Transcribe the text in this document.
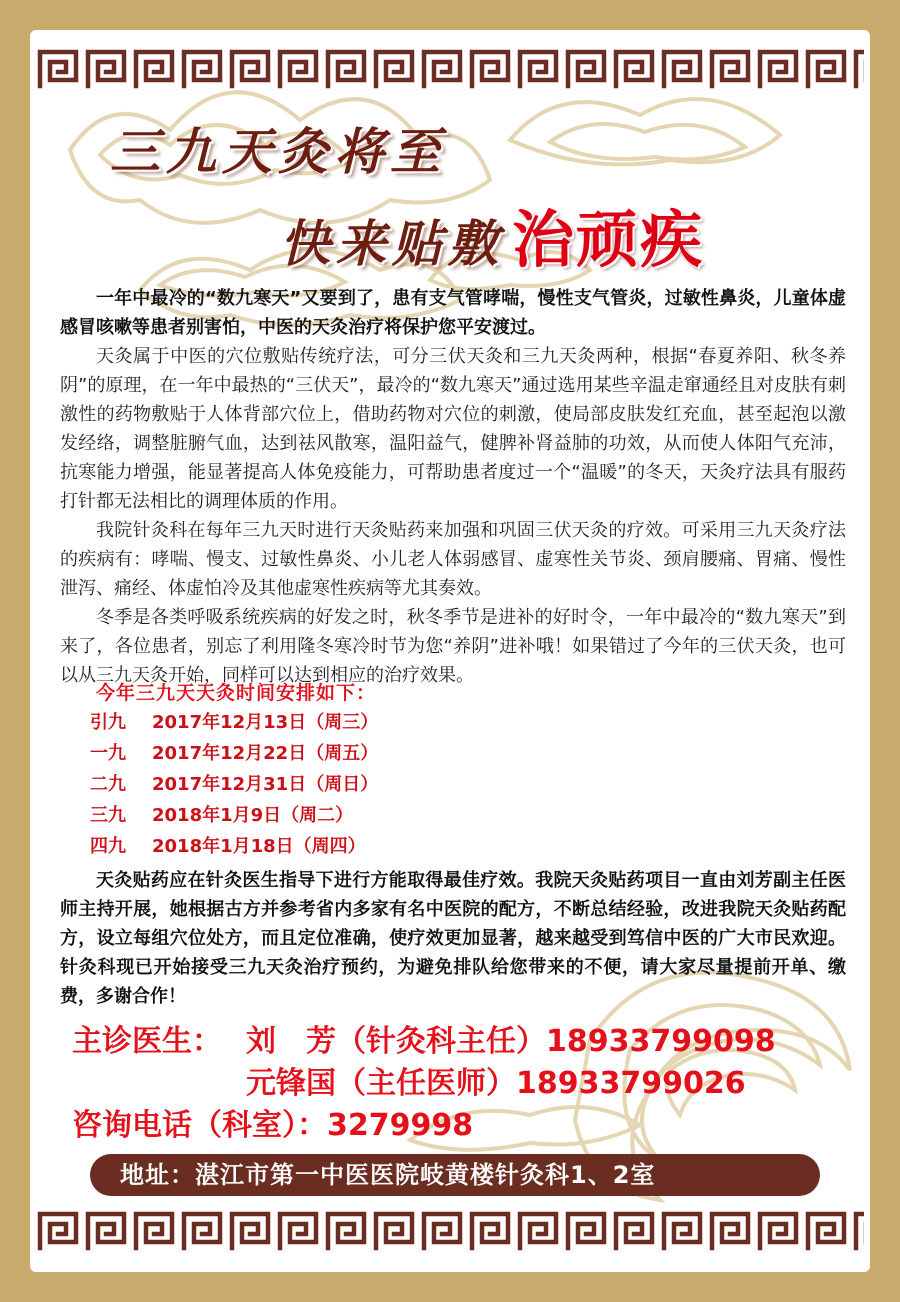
三九天灸将至
快来贴敷 治顽疾

一年中最冷的“数九寒天”又要到了，患有支气管哮喘，慢性支气管炎，过敏性鼻炎，儿童体虚感冒咳嗽等患者别害怕，中医的天灸治疗将保护您平安渡过。

天灸属于中医的穴位敷贴传统疗法，可分三伏天灸和三九天灸两种，根据“春夏养阳、秋冬养阴”的原理，在一年中最热的“三伏天”，最冷的“数九寒天”通过选用某些辛温走窜通经且对皮肤有刺激性的药物敷贴于人体背部穴位上，借助药物对穴位的刺激，使局部皮肤发红充血，甚至起泡以激发经络，调整脏腑气血，达到祛风散寒，温阳益气，健脾补肾益肺的功效，从而使人体阳气充沛，抗寒能力增强，能显著提高人体免疫能力，可帮助患者度过一个“温暖”的冬天，天灸疗法具有服药打针都无法相比的调理体质的作用。

我院针灸科在每年三九天时进行天灸贴药来加强和巩固三伏天灸的疗效。可采用三九天灸疗法的疾病有：哮喘、慢支、过敏性鼻炎、小儿老人体弱感冒、虚寒性关节炎、颈肩腰痛、胃痛、慢性泄泻、痛经、体虚怕冷及其他虚寒性疾病等尤其奏效。

冬季是各类呼吸系统疾病的好发之时，秋冬季节是进补的好时令，一年中最冷的“数九寒天”到来了，各位患者，别忘了利用隆冬寒冷时节为您“养阴”进补哦！如果错过了今年的三伏天灸，也可以从三九天灸开始，同样可以达到相应的治疗效果。

今年三九天天灸时间安排如下：
引九 2017年12月13日（周三）
一九 2017年12月22日（周五）
二九 2017年12月31日（周日）
三九 2018年1月9日（周二）
四九 2018年1月18日（周四）

天灸贴药应在针灸医生指导下进行方能取得最佳疗效。我院天灸贴药项目一直由刘芳副主任医师主持开展，她根据古方并参考省内多家有名中医院的配方，不断总结经验，改进我院天灸贴药配方，设立每组穴位处方，而且定位准确，使疗效更加显著，越来越受到笃信中医的广大市民欢迎。针灸科现已开始接受三九天灸治疗预约，为避免排队给您带来的不便，请大家尽量提前开单、缴费，多谢合作！

主诊医生： 刘　芳（针灸科主任）18933799098

元锋国（主任医师）18933799026

咨询电话（科室）：3279998

地址：湛江市第一中医医院岐黄楼针灸科1、2室
